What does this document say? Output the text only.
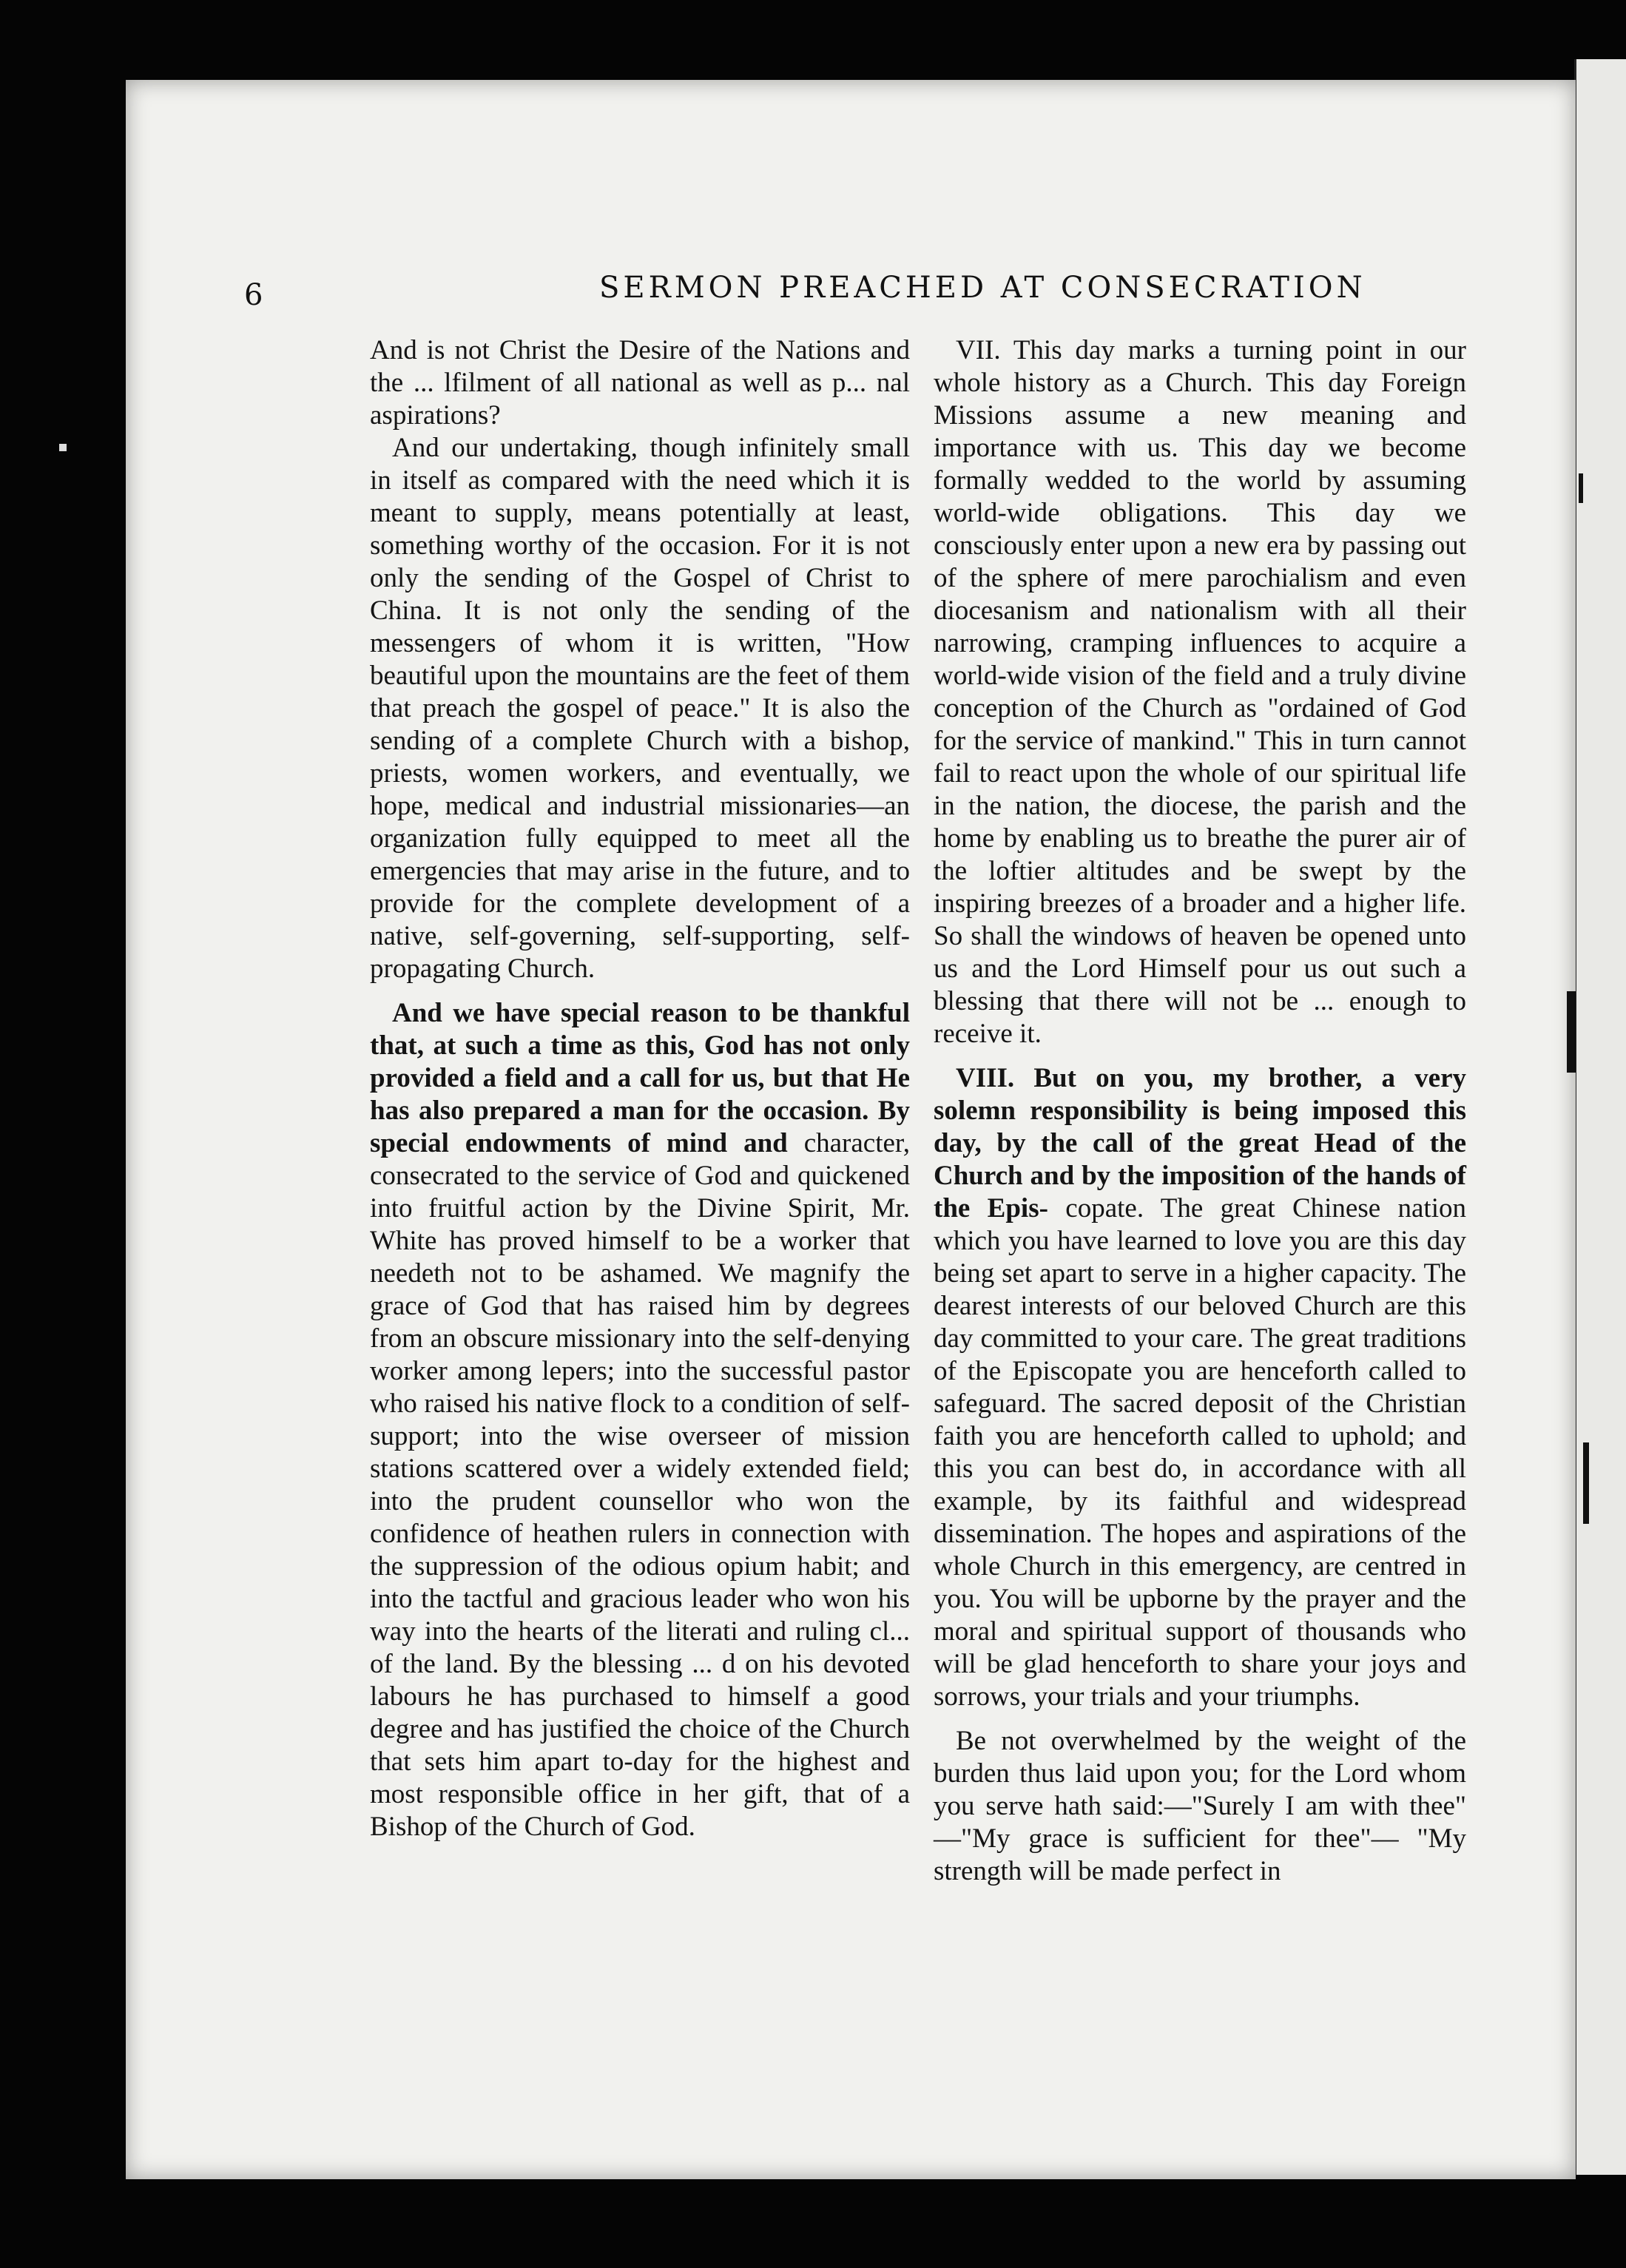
6	SERMON PREACHED AT CONSECRATION

And is not Christ the Desire of the Nations and the ... lfilment of all national as well as p... nal aspirations?

And our undertaking, though infinitely small in itself as compared with the need which it is meant to supply, means potentially at least, something worthy of the occasion. For it is not only the sending of the Gospel of Christ to China. It is not only the sending of the messengers of whom it is written, "How beautiful upon the mountains are the feet of them that preach the gospel of peace." It is also the sending of a complete Church with a bishop, priests, women workers, and eventually, we hope, medical and industrial missionaries—an organization fully equipped to meet all the emergencies that may arise in the future, and to provide for the complete development of a native, self-governing, self-supporting, self-propagating Church.

And we have special reason to be thankful that, at such a time as this, God has not only provided a field and a call for us, but that He has also prepared a man for the occasion. By special endowments of mind and character, consecrated to the service of God and quickened into fruitful action by the Divine Spirit, Mr. White has proved himself to be a worker that needeth not to be ashamed. We magnify the grace of God that has raised him by degrees from an obscure missionary into the self-denying worker among lepers; into the successful pastor who raised his native flock to a condition of self-support; into the wise overseer of mission stations scattered over a widely extended field; into the prudent counsellor who won the confidence of heathen rulers in connection with the suppression of the odious opium habit; and into the tactful and gracious leader who won his way into the hearts of the literati and ruling cl... of the land. By the blessing ... d on his devoted labours he has purchased to himself a good degree and has justified the choice of the Church that sets him apart to-day for the highest and most responsible office in her gift, that of a Bishop of the Church of God.

VII. This day marks a turning point in our whole history as a Church. This day Foreign Missions assume a new meaning and importance with us. This day we become formally wedded to the world by assuming world-wide obligations. This day we consciously enter upon a new era by passing out of the sphere of mere parochialism and even diocesanism and nationalism with all their narrowing, cramping influences to acquire a world-wide vision of the field and a truly divine conception of the Church as "ordained of God for the service of mankind." This in turn cannot fail to react upon the whole of our spiritual life in the nation, the diocese, the parish and the home by enabling us to breathe the purer air of the loftier altitudes and be swept by the inspiring breezes of a broader and a higher life. So shall the windows of heaven be opened unto us and the Lord Himself pour us out such a blessing that there will not be ... enough to receive it.

VIII. But on you, my brother, a very solemn responsibility is being imposed this day, by the call of the great Head of the Church and by the imposition of the hands of the Epis- copate. The great Chinese nation which you have learned to love you are this day being set apart to serve in a higher capacity. The dearest interests of our beloved Church are this day committed to your care. The great traditions of the Episcopate you are henceforth called to safeguard. The sacred deposit of the Christian faith you are henceforth called to uphold; and this you can best do, in accordance with all example, by its faithful and widespread dissemination. The hopes and aspirations of the whole Church in this emergency, are centred in you. You will be upborne by the prayer and the moral and spiritual support of thousands who will be glad henceforth to share your joys and sorrows, your trials and your triumphs.

Be not overwhelmed by the weight of the burden thus laid upon you; for the Lord whom you serve hath said:—"Surely I am with thee" —"My grace is sufficient for thee"— "My strength will be made perfect in
